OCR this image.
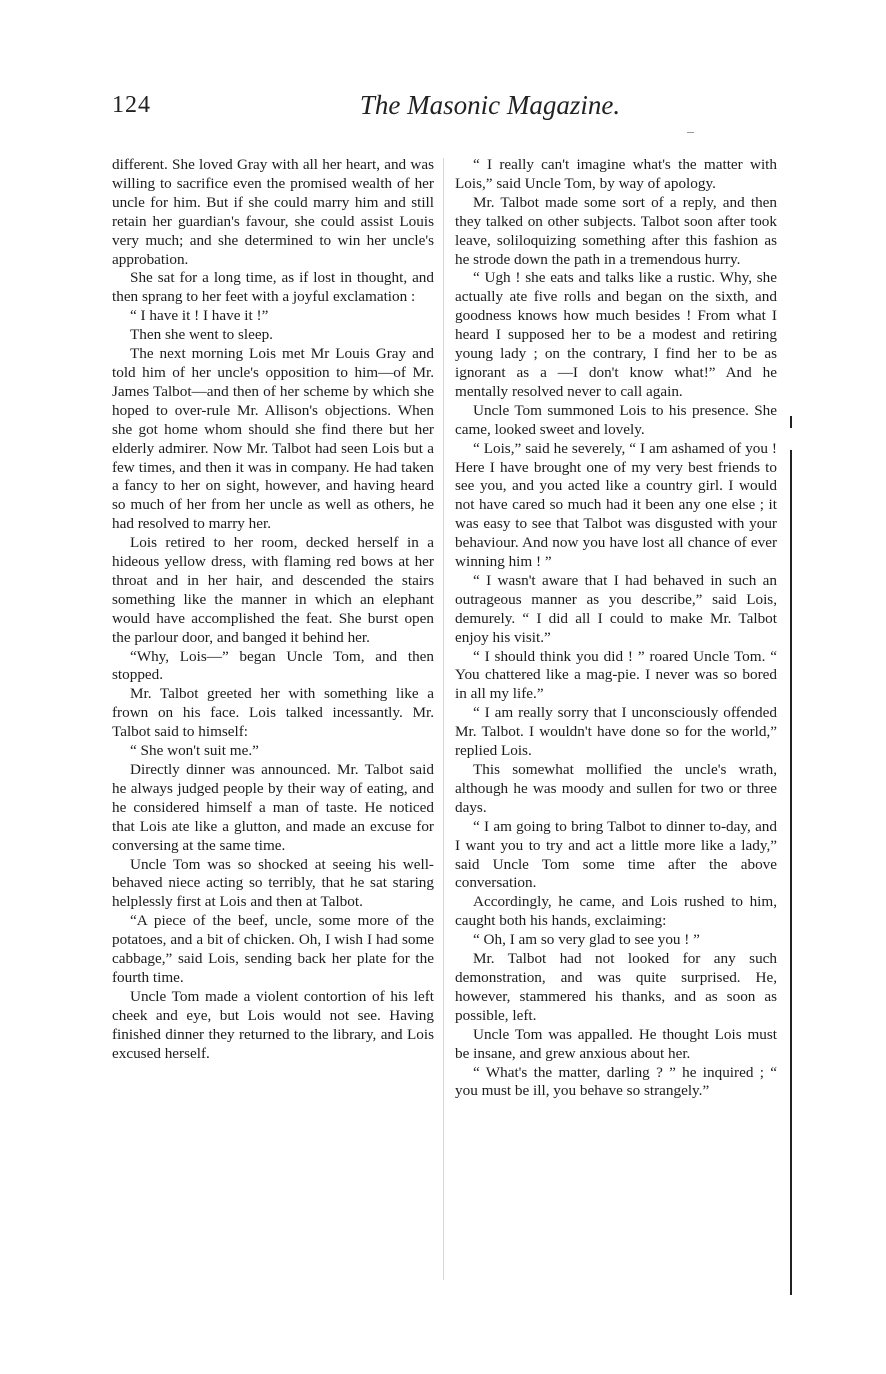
124	The Masonic Magazine.

different. She loved Gray with all her heart, and was willing to sacrifice even the promised wealth of her uncle for him. But if she could marry him and still retain her guardian's favour, she could assist Louis very much; and she determined to win her uncle's approbation.

She sat for a long time, as if lost in thought, and then sprang to her feet with a joyful exclamation :

“ I have it ! I have it !”

Then she went to sleep.

The next morning Lois met Mr Louis Gray and told him of her uncle's opposition to him—of Mr. James Talbot—and then of her scheme by which she hoped to over-rule Mr. Allison's objections. When she got home whom should she find there but her elderly admirer. Now Mr. Talbot had seen Lois but a few times, and then it was in company. He had taken a fancy to her on sight, however, and having heard so much of her from her uncle as well as others, he had resolved to marry her.

Lois retired to her room, decked herself in a hideous yellow dress, with flaming red bows at her throat and in her hair, and descended the stairs something like the manner in which an elephant would have accomplished the feat. She burst open the parlour door, and banged it behind her.

“Why, Lois—” began Uncle Tom, and then stopped.

Mr. Talbot greeted her with something like a frown on his face. Lois talked incessantly. Mr. Talbot said to himself:

“ She won't suit me.”

Directly dinner was announced. Mr. Talbot said he always judged people by their way of eating, and he considered himself a man of taste. He noticed that Lois ate like a glutton, and made an excuse for conversing at the same time.

Uncle Tom was so shocked at seeing his well-behaved niece acting so terribly, that he sat staring helplessly first at Lois and then at Talbot.

“A piece of the beef, uncle, some more of the potatoes, and a bit of chicken. Oh, I wish I had some cabbage,” said Lois, sending back her plate for the fourth time.

Uncle Tom made a violent contortion of his left cheek and eye, but Lois would not see. Having finished dinner they returned to the library, and Lois excused herself.

“ I really can't imagine what's the matter with Lois,” said Uncle Tom, by way of apology.

Mr. Talbot made some sort of a reply, and then they talked on other subjects. Talbot soon after took leave, soliloquizing something after this fashion as he strode down the path in a tremendous hurry.

“ Ugh ! she eats and talks like a rustic. Why, she actually ate five rolls and began on the sixth, and goodness knows how much besides ! From what I heard I supposed her to be a modest and retiring young lady ; on the contrary, I find her to be as ignorant as a —I don't know what!” And he mentally resolved never to call again.

Uncle Tom summoned Lois to his presence. She came, looked sweet and lovely.

“ Lois,” said he severely, “ I am ashamed of you ! Here I have brought one of my very best friends to see you, and you acted like a country girl. I would not have cared so much had it been any one else ; it was easy to see that Talbot was disgusted with your behaviour. And now you have lost all chance of ever winning him ! ”

“ I wasn't aware that I had behaved in such an outrageous manner as you describe,” said Lois, demurely. “ I did all I could to make Mr. Talbot enjoy his visit.”

“ I should think you did ! ” roared Uncle Tom. “ You chattered like a mag-pie. I never was so bored in all my life.”

“ I am really sorry that I unconsciously offended Mr. Talbot. I wouldn't have done so for the world,” replied Lois.

This somewhat mollified the uncle's wrath, although he was moody and sullen for two or three days.

“ I am going to bring Talbot to dinner to-day, and I want you to try and act a little more like a lady,” said Uncle Tom some time after the above conversation.

Accordingly, he came, and Lois rushed to him, caught both his hands, exclaiming:

“ Oh, I am so very glad to see you ! ”

Mr. Talbot had not looked for any such demonstration, and was quite surprised. He, however, stammered his thanks, and as soon as possible, left.

Uncle Tom was appalled. He thought Lois must be insane, and grew anxious about her.

“ What's the matter, darling ? ” he inquired ; “ you must be ill, you behave so strangely.”
